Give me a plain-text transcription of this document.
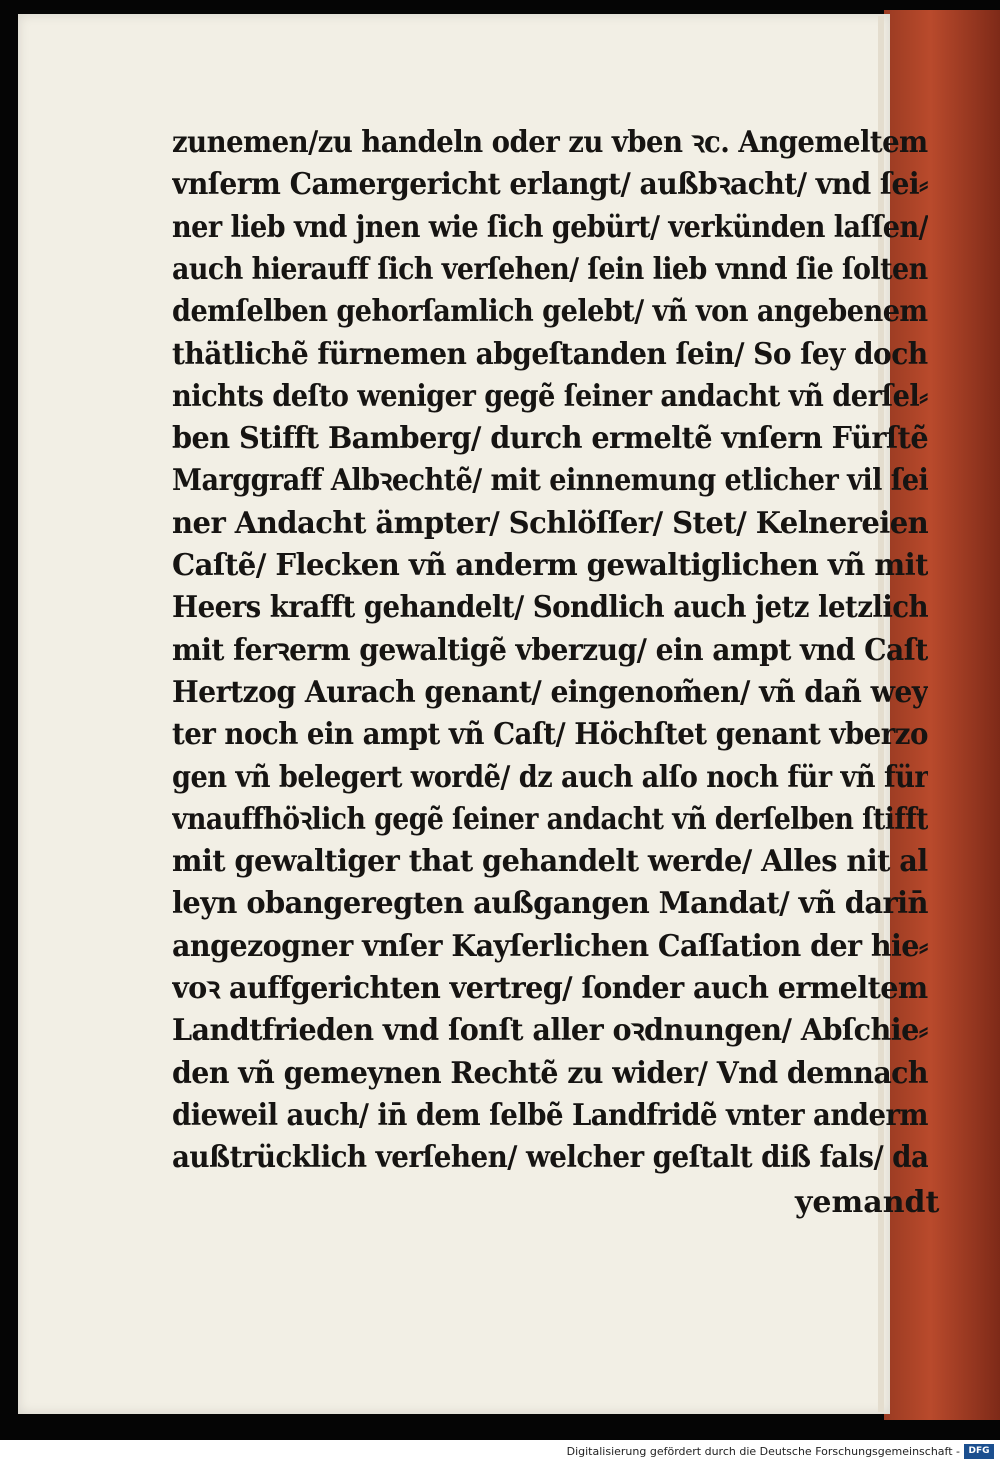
zunemen/zu handeln oder zu vben ꝛc. Angemeltem
vnſerm Camergericht erlangt/ außbꝛacht/ vnd ſei⸗
ner lieb vnd jnen wie ſich gebürt/ verkünden laſſen/
auch hierauff ſich verſehen/ ſein lieb vnnd ſie ſolten
demſelben gehorſamlich gelebt/ vñ von angebenem
thätlichẽ fürnemen abgeſtanden ſein/ So ſey doch
nichts deſto weniger gegẽ ſeiner andacht vñ derſel⸗
ben Stifft Bamberg/ durch ermeltẽ vnſern Fürſtẽ
Marggraff Albꝛechtẽ/ mit einnemung etlicher vil ſei
ner Andacht ämpter/ Schlöſſer/ Stet/ Kelnereien
Caſtẽ/ Flecken vñ anderm gewaltiglichen vñ mit
Heers krafft gehandelt/ Sondlich auch jetz letzlich
mit ferꝛerm gewaltigẽ vberzug/ ein ampt vnd Caſt
Hertzog Aurach genant/ eingenom̃en/ vñ dañ wey
ter noch ein ampt vñ Caſt/ Höchſtet genant vberzo
gen vñ belegert wordẽ/ dz auch alſo noch für vñ für
vnauffhöꝛlich gegẽ ſeiner andacht vñ derſelben ſtifft
mit gewaltiger that gehandelt werde/ Alles nit al
leyn obangeregten außgangen Mandat/ vñ darin̄
angezogner vnſer Kayſerlichen Caſſation der hie⸗
voꝛ auffgerichten vertreg/ ſonder auch ermeltem
Landtfrieden vnd ſonſt aller oꝛdnungen/ Abſchie⸗
den vñ gemeynen Rechtẽ zu wider/ Vnd demnach
dieweil auch/ in̄ dem ſelbẽ Landfridẽ vnter anderm
außtrücklich verſehen/ welcher geſtalt diß fals/ da
yemandt
Digitalisierung gefördert durch die Deutsche Forschungsgemeinschaft - DFG
